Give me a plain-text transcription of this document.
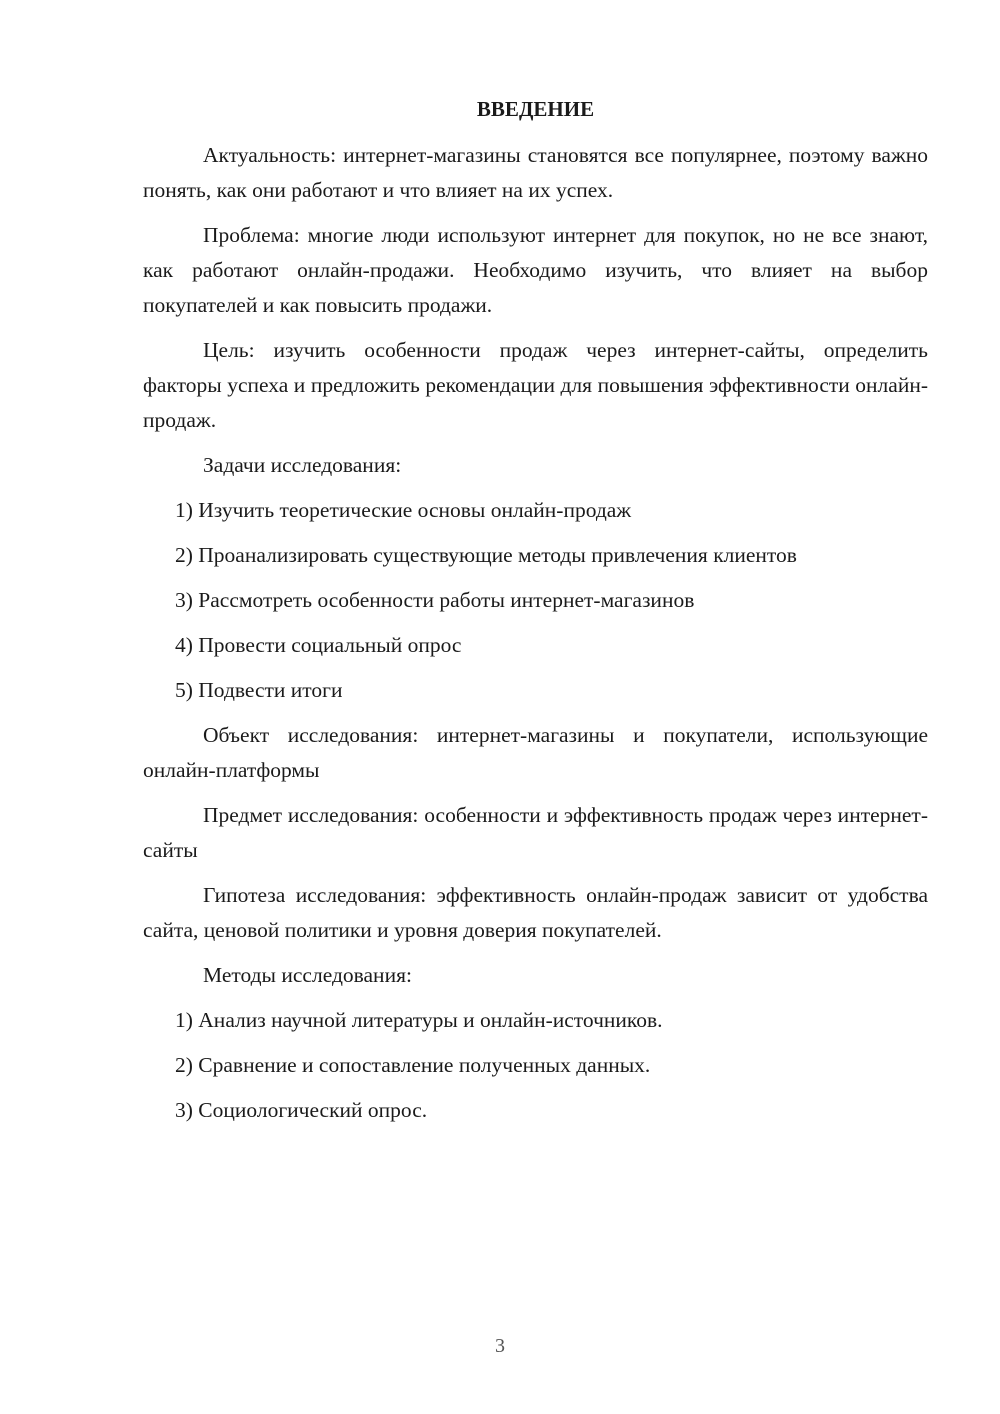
ВВЕДЕНИЕ

Актуальность: интернет-магазины становятся все популярнее, поэтому важно понять, как они работают и что влияет на их успех.

Проблема: многие люди используют интернет для покупок, но не все знают, как работают онлайн-продажи. Необходимо изучить, что влияет на выбор покупателей и как повысить продажи.

Цель: изучить особенности продаж через интернет-сайты, определить факторы успеха и предложить рекомендации для повышения эффективности онлайн-продаж.

Задачи исследования:

1) Изучить теоретические основы онлайн-продаж
2) Проанализировать существующие методы привлечения клиентов
3) Рассмотреть особенности работы интернет-магазинов
4) Провести социальный опрос
5) Подвести итоги

Объект исследования: интернет-магазины и покупатели, использующие онлайн-платформы

Предмет исследования: особенности и эффективность продаж через интернет-сайты

Гипотеза исследования: эффективность онлайн-продаж зависит от удобства сайта, ценовой политики и уровня доверия покупателей.

Методы исследования:

1) Анализ научной литературы и онлайн-источников.
2) Сравнение и сопоставление полученных данных.
3) Социологический опрос.
3
